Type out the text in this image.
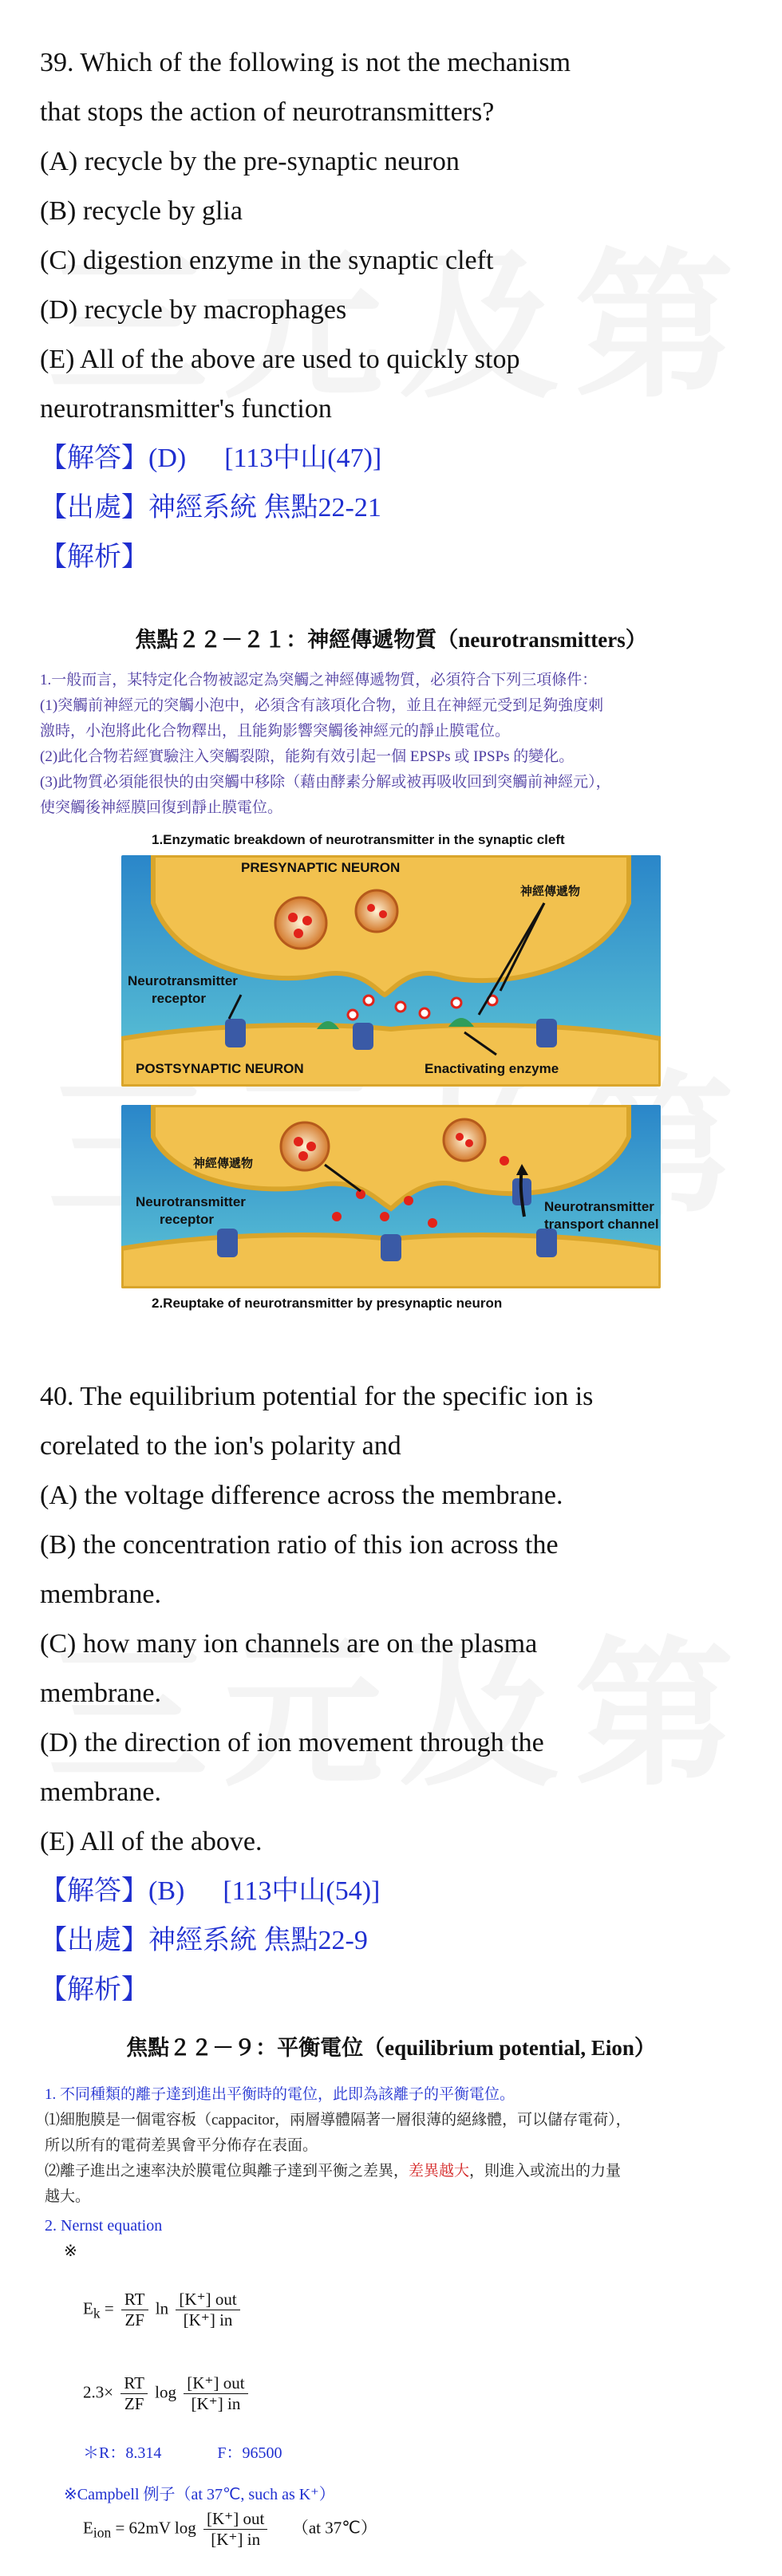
39. Which of the following is not the mechanism

that stops the action of neurotransmitters?

(A) recycle by the pre-synaptic neuron

(B) recycle by glia

(C) digestion enzyme in the synaptic cleft

(D) recycle by macrophages

(E) All of the above are used to quickly stop

neurotransmitter's function

【解答】(D) [113中山(47)]

【出處】神經系統 焦點22-21

【解析】

焦點２２－２１：神經傳遞物質（neurotransmitters）

1.一般而言，某特定化合物被認定為突觸之神經傳遞物質，必須符合下列三項條件：

(1)突觸前神經元的突觸小泡中，必須含有該項化合物，並且在神經元受到足夠強度刺

激時，小泡將此化合物釋出，且能夠影響突觸後神經元的靜止膜電位。

(2)此化合物若經實驗注入突觸裂隙，能夠有效引起一個 EPSPs 或 IPSPs 的變化。

(3)此物質必須能很快的由突觸中移除（藉由酵素分解或被再吸收回到突觸前神經元），

使突觸後神經膜回復到靜止膜電位。

1.Enzymatic breakdown of neurotransmitter in the synaptic cleft

PRESYNAPTIC NEURON
神經傳遞物
Neurotransmitter
receptor
POSTSYNAPTIC NEURON	Enactivating enzyme
神經傳遞物
Neurotransmitter
receptor
Neurotransmitter
transport channel

2.Reuptake of neurotransmitter by presynaptic neuron

40. The equilibrium potential for the specific ion is

corelated to the ion's polarity and

(A) the voltage difference across the membrane.

(B) the concentration ratio of this ion across the

membrane.

(C) how many ion channels are on the plasma

membrane.

(D) the direction of ion movement through the

membrane.

(E) All of the above.

【解答】(B) [113中山(54)]

【出處】神經系統 焦點22-9

【解析】

焦點２２－９：平衡電位（equilibrium potential, Eion）

1. 不同種類的離子達到進出平衡時的電位，此即為該離子的平衡電位。

⑴細胞膜是一個電容板（cappacitor，兩層導體隔著一層很薄的絕緣體，可以儲存電荷），

所以所有的電荷差異會平分佈存在表面。

⑵離子進出之速率決於膜電位與離子達到平衡之差異，差異越大，則進入或流出的力量

越大。

2. Nernst equation

※

$E_k = \frac{RT}{ZF}$ $\ln \frac{\text{[K⁺] out}}{[K^+] in}$
$2.3\times \frac{RT}{ZF}$ $\log \frac{\text{[K⁺] out}}{[K^+] in}$
＊R：8.314	F：96500
※Campbell 例子（at 37℃, such as K⁺）
$E_{ion} = 62mV$ $\log \frac{\text{[K⁺] out}}{[K^+] in} (at$ 37℃）
